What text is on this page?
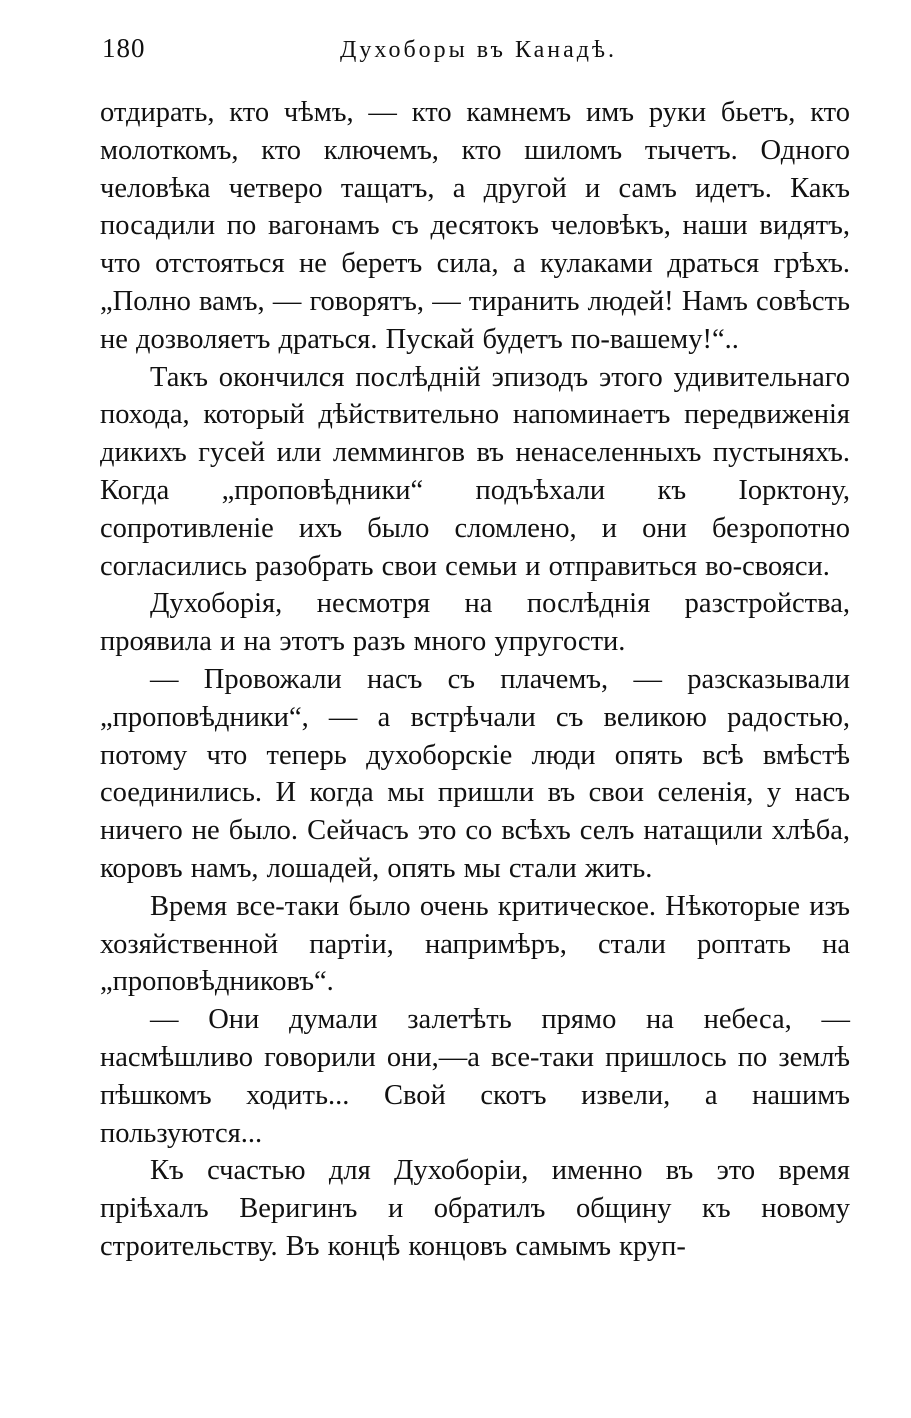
180	Духоборы въ Канадѣ.

отдирать, кто чѣмъ, — кто камнемъ имъ руки бьетъ, кто молоткомъ, кто ключемъ, кто шиломъ тычетъ. Одного человѣка четверо тащатъ, а другой и самъ идетъ. Какъ посадили по вагонамъ съ десятокъ человѣкъ, наши видятъ, что отстояться не беретъ сила, а кулаками драться грѣхъ. „Полно вамъ, — говорятъ, — тиранить людей! Намъ совѣсть не дозволяетъ драться. Пускай будетъ по-вашему!“..

Такъ окончился послѣднiй эпизодъ этого удивительнаго похода, который дѣйствительно напоминаетъ передвиженiя дикихъ гусей или леммингов въ ненаселенныхъ пустыняхъ. Когда „проповѣдники“ подъѣхали къ Iорктону, сопротивленiе ихъ было сломлено, и они безропотно согласились разобрать свои семьи и отправиться во-свояси.

Духоборiя, несмотря на послѣднiя разстройства, проявила и на этотъ разъ много упругости.

— Провожали насъ съ плачемъ, — разсказывали „проповѣдники“, — а встрѣчали съ великою радостью, потому что теперь духоборскiе люди опять всѣ вмѣстѣ соединились. И когда мы пришли въ свои селенiя, у насъ ничего не было. Сейчасъ это со всѣхъ селъ натащили хлѣба, коровъ намъ, лошадей, опять мы стали жить.

Время все-таки было очень критическое. Нѣкоторые изъ хозяйственной партiи, напримѣръ, стали роптать на „проповѣдниковъ“.

— Они думали залетѣть прямо на небеса, — насмѣшливо говорили они,—а все-таки пришлось по землѣ пѣшкомъ ходить... Свой скотъ извели, а нашимъ пользуются...

Къ счастью для Духоборiи, именно въ это время прiѣхалъ Веригинъ и обратилъ общину къ новому строительству. Въ концѣ концовъ самымъ круп-
